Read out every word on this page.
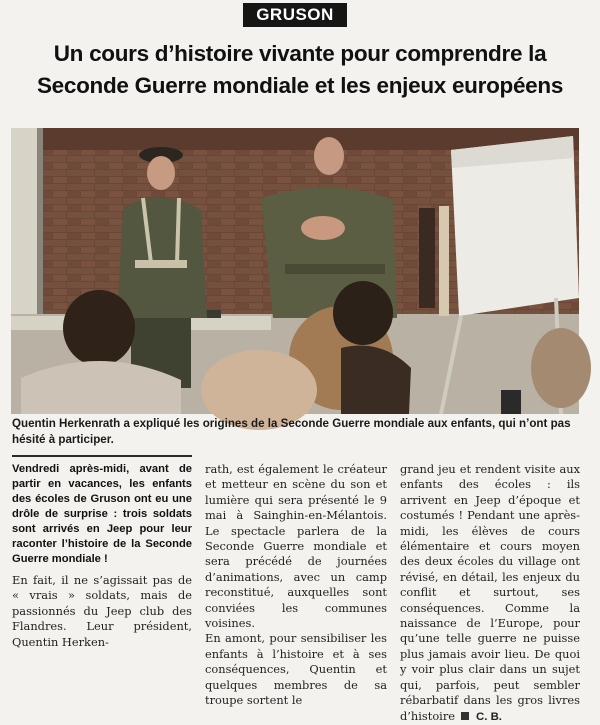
GRUSON
Un cours d’histoire vivante pour comprendre la Seconde Guerre mondiale et les enjeux européens

Quentin Herkenrath a expliqué les origines de la Seconde Guerre mondiale aux enfants, qui n’ont pas hésité à participer.

Vendredi après-midi, avant de partir en vacances, les enfants des écoles de Gruson ont eu une drôle de surprise : trois soldats sont arrivés en Jeep pour leur raconter l’histoire de la Seconde Guerre mondiale !

En fait, il ne s’agissait pas de « vrais » soldats, mais de passionnés du Jeep club des Flandres. Leur président, Quentin Herken-

rath, est également le créateur et metteur en scène du son et lumière qui sera présenté le 9 mai à Sainghin-en-Mélantois. Le spectacle parlera de la Seconde Guerre mondiale et sera précédé de journées d’animations, avec un camp reconstitué, auxquelles sont conviées les communes voisines.

En amont, pour sensibiliser les enfants à l’histoire et à ses conséquences, Quentin et quelques membres de sa troupe sortent le

grand jeu et rendent visite aux enfants des écoles : ils arrivent en Jeep d’époque et costumés ! Pendant une après-midi, les élèves de cours élémentaire et cours moyen des deux écoles du village ont révisé, en détail, les enjeux du conflit et surtout, ses conséquences. Comme la naissance de l’Europe, pour qu’une telle guerre ne puisse plus jamais avoir lieu. De quoi y voir plus clair dans un sujet qui, parfois, peut sembler rébarbatif dans les gros livres d’histoire C. B.
